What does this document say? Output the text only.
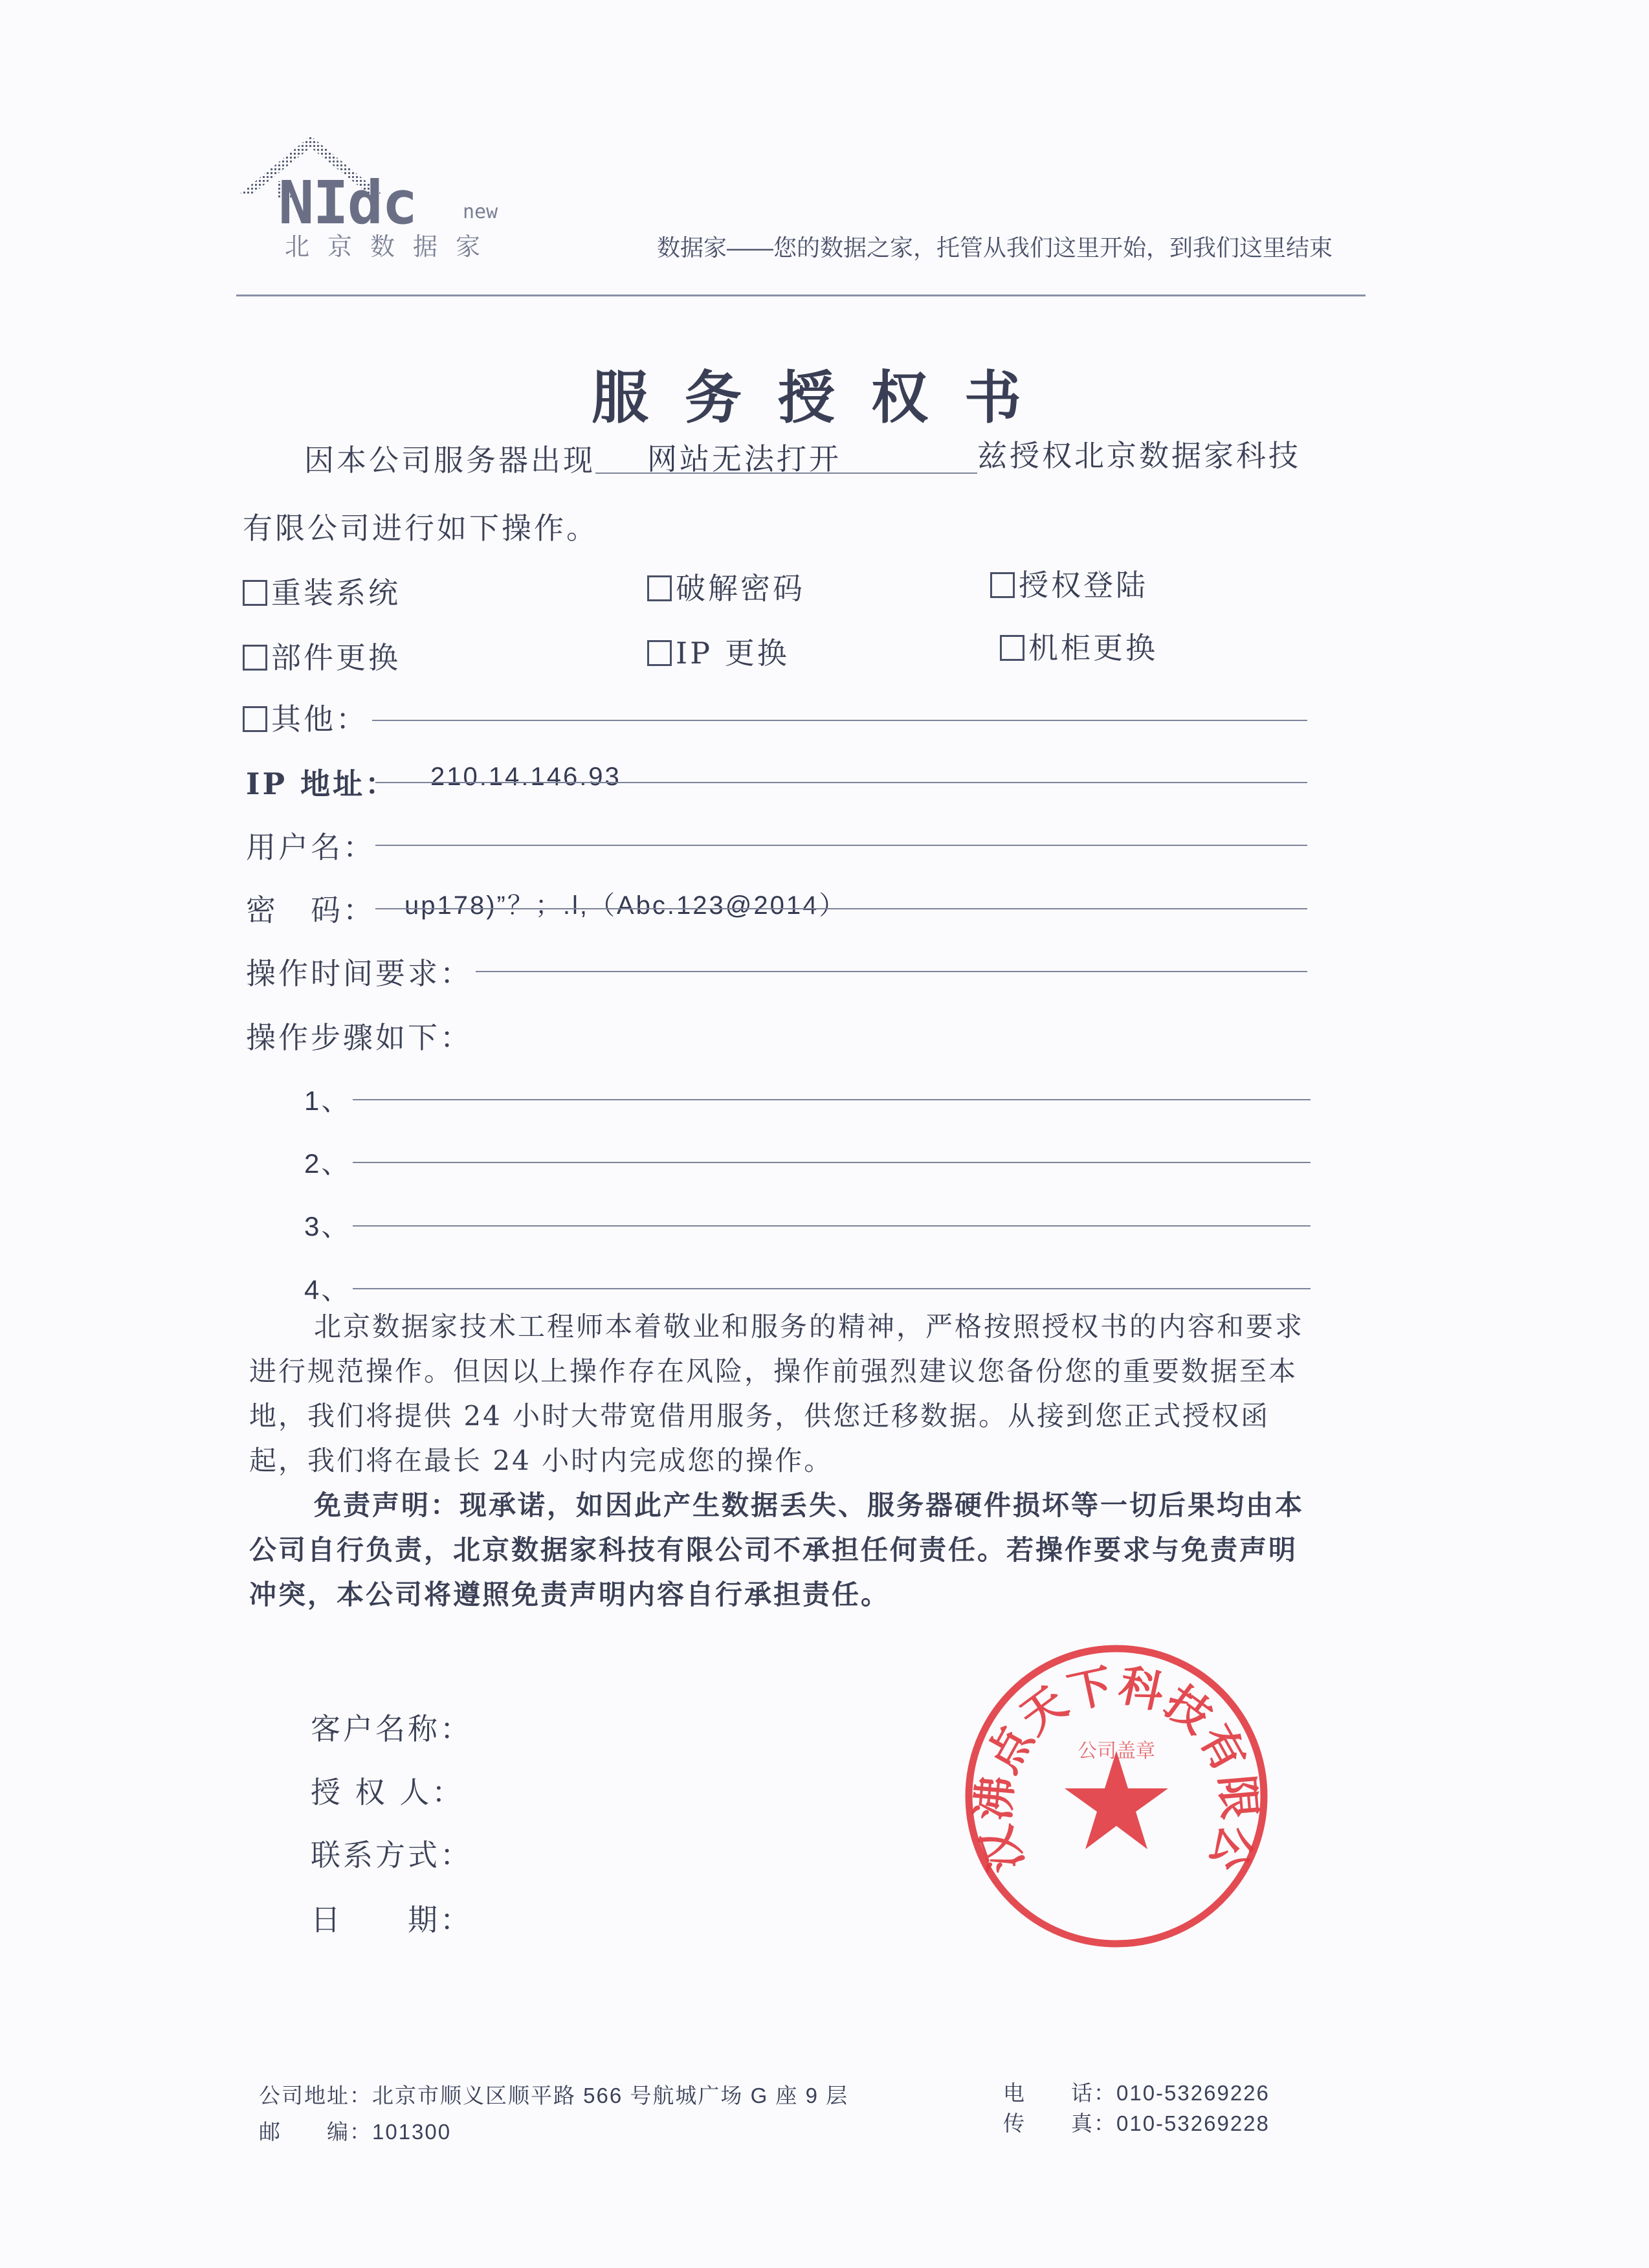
NIdc new
北京数据家	数据家——您的数据之家，托管从我们这里开始，到我们这里结束
服务授权书
因本公司服务器出现 网站无法打开	兹授权北京数据家科技
有限公司进行如下操作。
重装系统	破解密码	授权登陆
部件更换	IP 更换	机柜更换
其他：
IP 地址： 210.14.146.93
用户名：
密　码： up178)”？；.l,（Abc.123@2014）
操作时间要求：
操作步骤如下：
1、
2、
3、
4、

北京数据家技术工程师本着敬业和服务的精神，严格按照授权书的内容和要求进行规范操作。但因以上操作存在风险，操作前强烈建议您备份您的重要数据至本地，我们将提供 24 小时大带宽借用服务，供您迁移数据。从接到您正式授权函起，我们将在最长 24 小时内完成您的操作。

免责声明：现承诺，如因此产生数据丢失、服务器硬件损坏等一切后果均由本公司自行负责，北京数据家科技有限公司不承担任何责任。若操作要求与免责声明冲突，本公司将遵照免责声明内容自行承担责任。

客户名称：
授 权 人：
联系方式：
日　　期：
汉沸点天下科技有限公
公司盖章
公司地址：北京市顺义区顺平路 566 号航城广场 G 座 9 层
邮　　编：101300
电　　话：010-53269226
传　　真：010-53269228
